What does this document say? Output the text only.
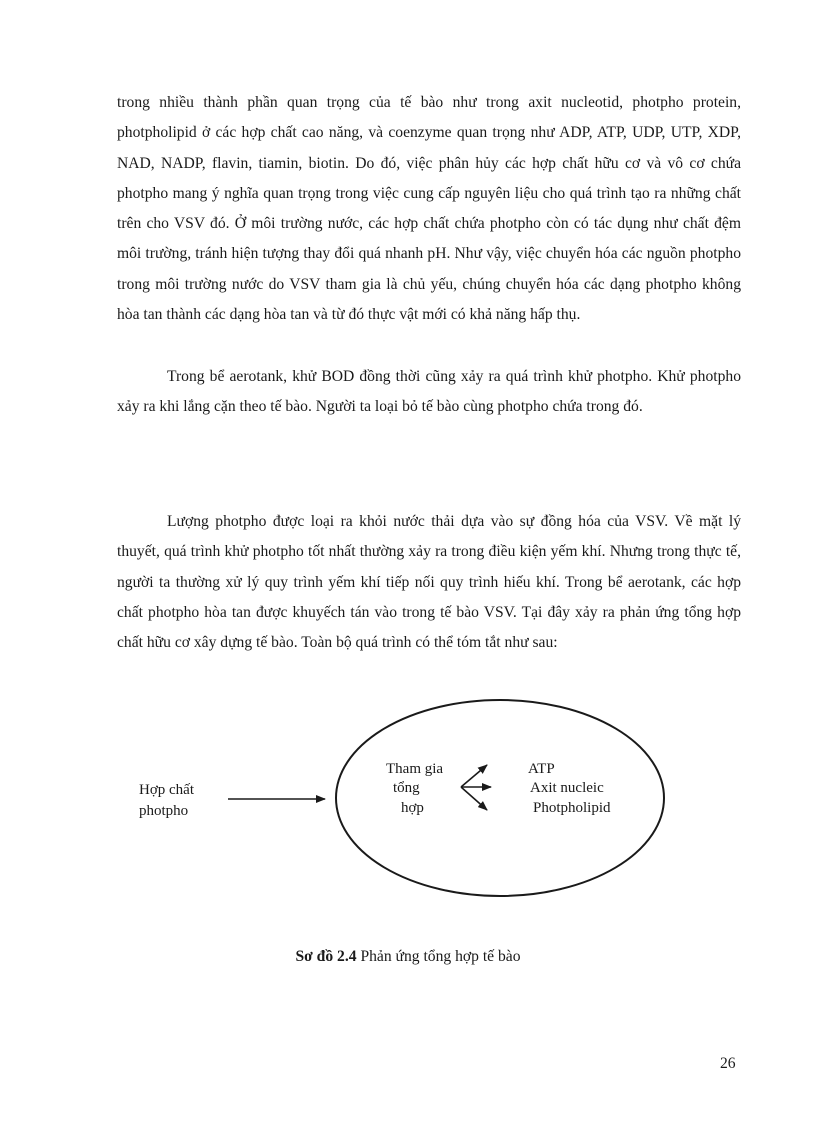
trong nhiều thành phần quan trọng của tế bào như trong axit nucleotid, photpho protein, photpholipid ở các hợp chất cao năng, và coenzyme quan trọng như ADP, ATP, UDP, UTP, XDP, NAD, NADP, flavin, tiamin, biotin. Do đó, việc phân hủy các hợp chất hữu cơ và vô cơ chứa photpho mang ý nghĩa quan trọng trong việc cung cấp nguyên liệu cho quá trình tạo ra những chất trên cho VSV đó. Ở môi trường nước, các hợp chất chứa photpho còn có tác dụng như chất đệm môi trường, tránh hiện tượng thay đổi quá nhanh pH. Như vậy, việc chuyển hóa các nguồn photpho trong môi trường nước do VSV tham gia là chủ yếu, chúng chuyển hóa các dạng photpho không hòa tan thành các dạng hòa tan và từ đó thực vật mới có khả năng hấp thụ.

Trong bể aerotank, khử BOD đồng thời cũng xảy ra quá trình khử photpho. Khử photpho xảy ra khi lắng cặn theo tế bào. Người ta loại bỏ tế bào cùng photpho chứa trong đó.

Lượng photpho được loại ra khỏi nước thải dựa vào sự đồng hóa của VSV. Về mặt lý thuyết, quá trình khử photpho tốt nhất thường xảy ra trong điều kiện yếm khí. Nhưng trong thực tế, người ta thường xử lý quy trình yếm khí tiếp nối quy trình hiếu khí. Trong bể aerotank, các hợp chất photpho hòa tan được khuyếch tán vào trong tế bào VSV. Tại đây xảy ra phản ứng tổng hợp chất hữu cơ xây dựng tế bào. Toàn bộ quá trình có thể tóm tắt như sau:

Hợp chất
photpho
Tham gia
tổng
hợp
ATP
Axit nucleic
Photpholipid
Sơ đồ 2.4 Phản ứng tổng hợp tế bào
26
